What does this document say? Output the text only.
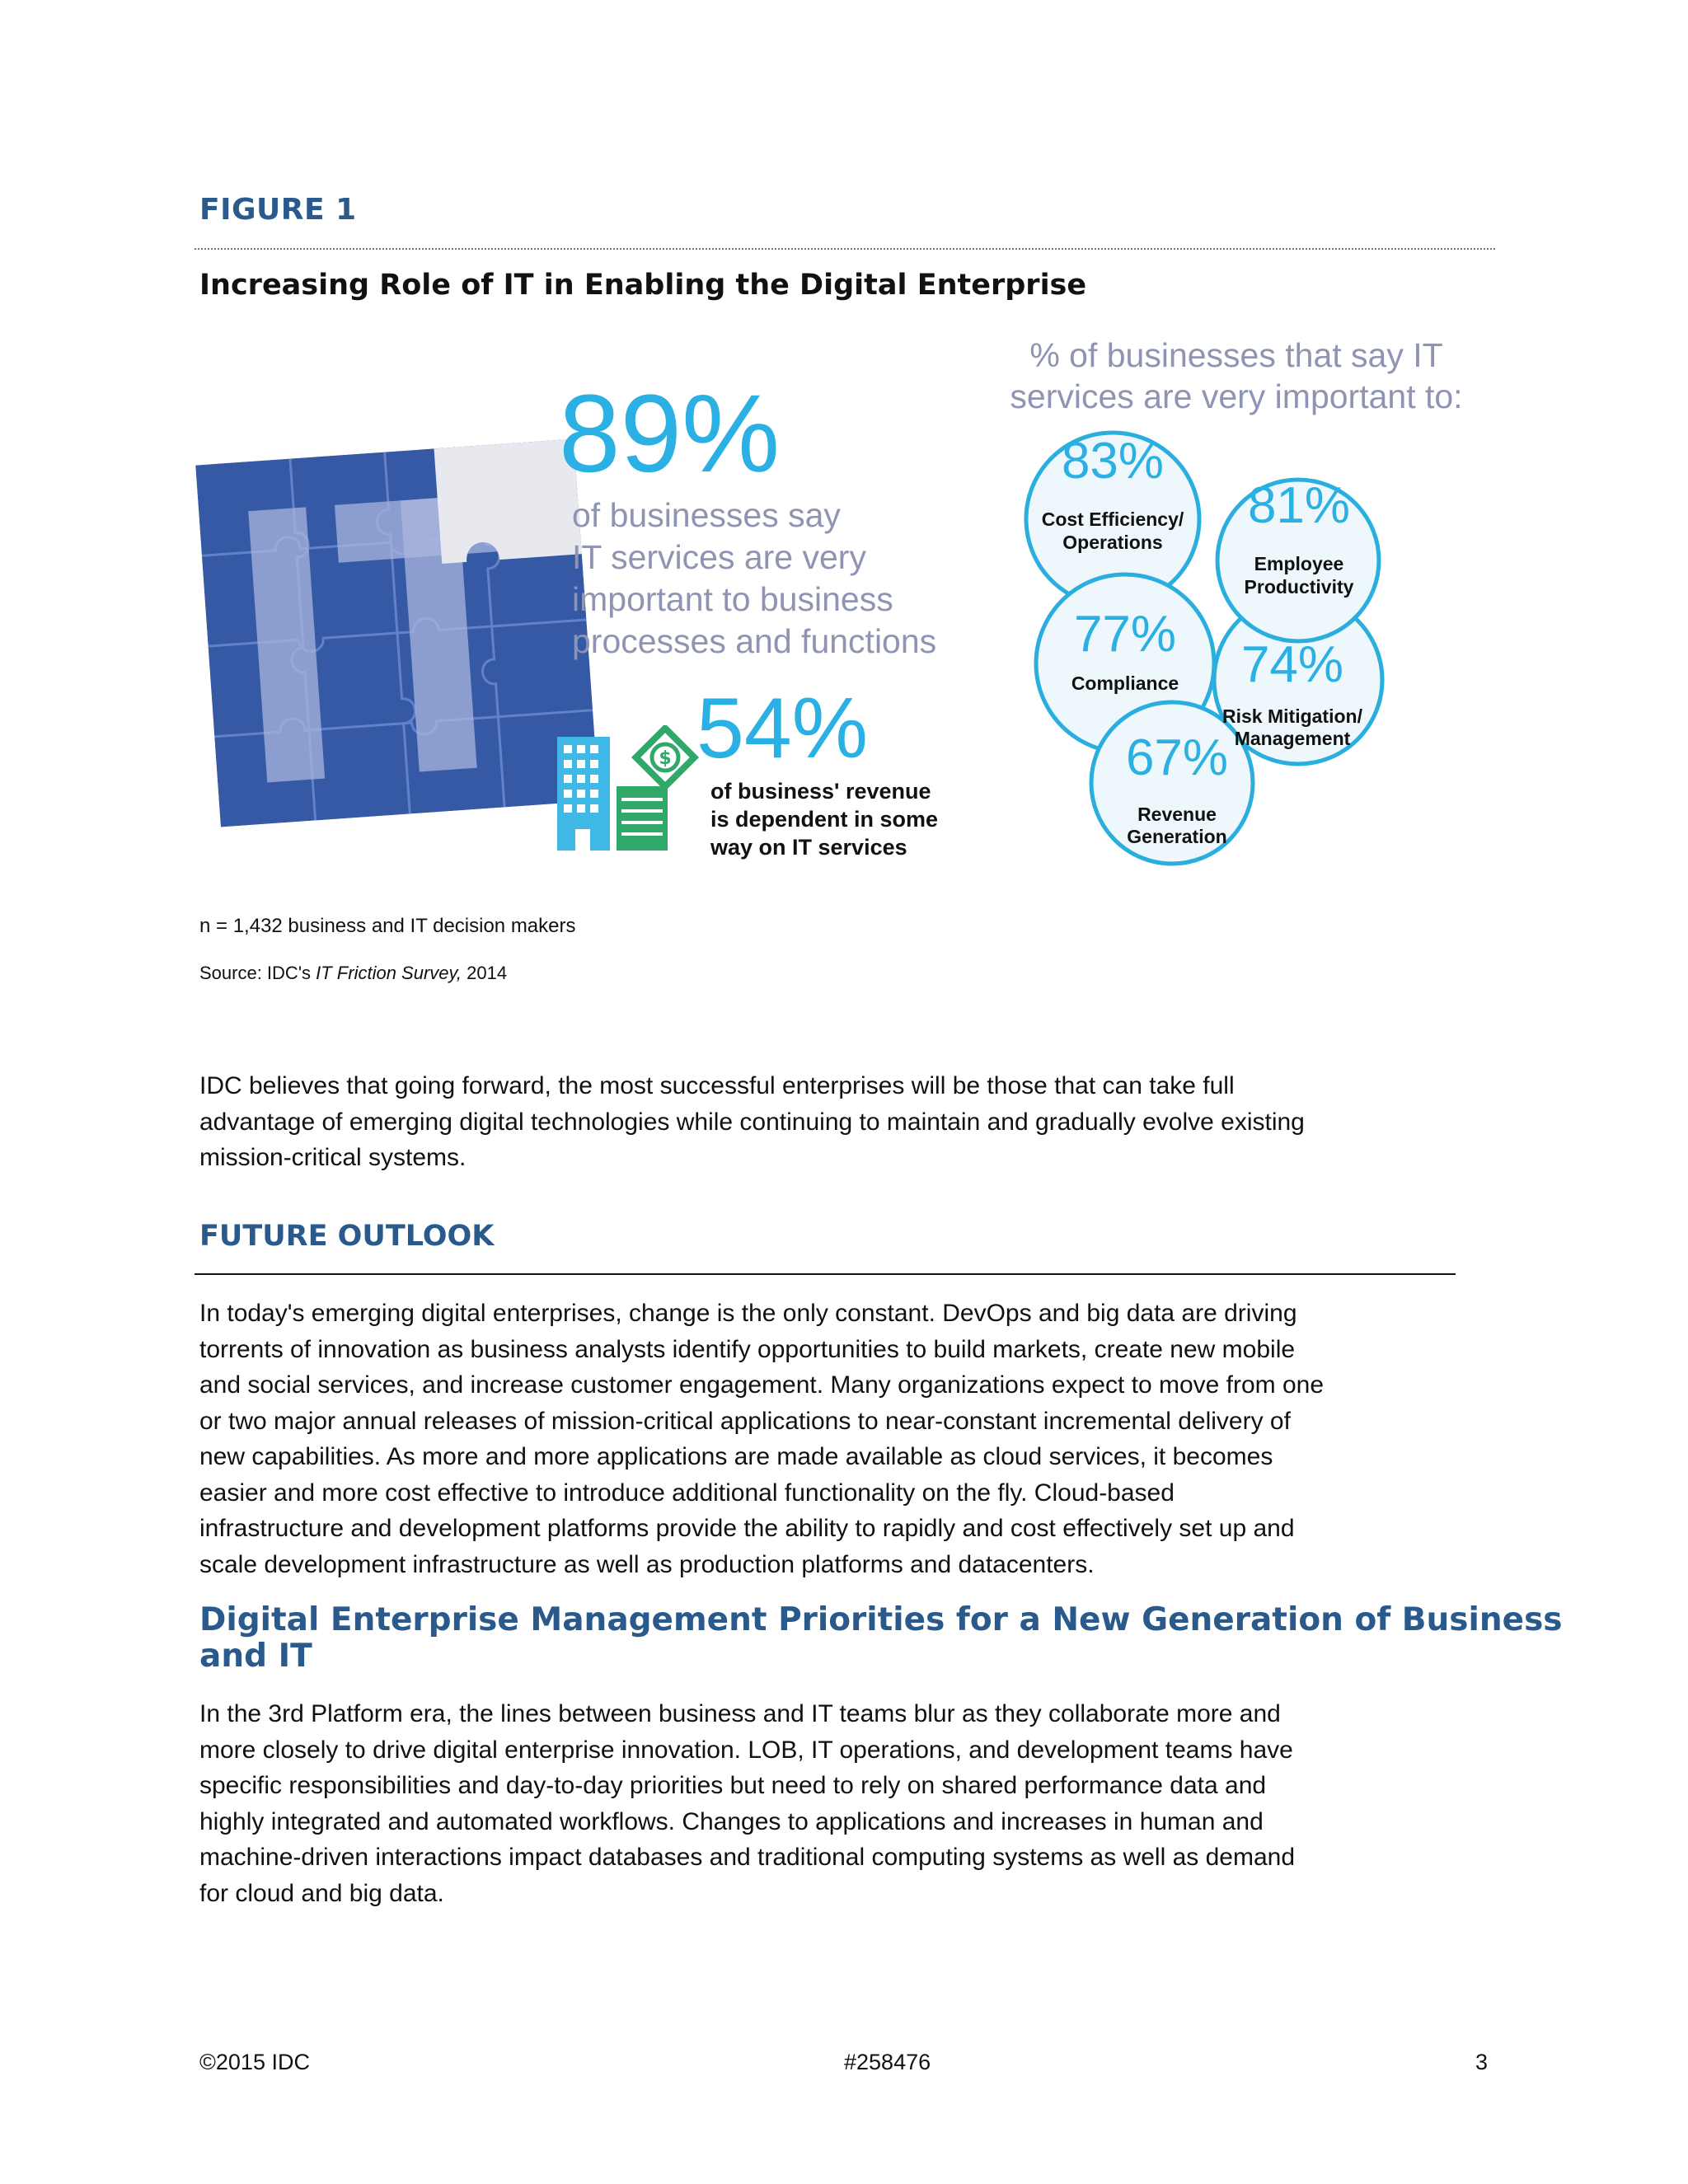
FIGURE 1
Increasing Role of IT in Enabling the Digital Enterprise
89%
of businesses say
IT services are very
important to business
processes and functions
$ 54%
of business' revenue
is dependent in some
way on IT services
% of businesses that say IT
services are very important to:
83%
Cost Efficiency/
Operations
81%
Employee
Productivity
77%
Compliance 74%
Risk Mitigation/
Management
67%
Revenue
Generation
n = 1,432 business and IT decision makers
Source: IDC's IT Friction Survey, 2014
IDC believes that going forward, the most successful enterprises will be those that can take full
advantage of emerging digital technologies while continuing to maintain and gradually evolve existing
mission-critical systems.
FUTURE OUTLOOK
In today's emerging digital enterprises, change is the only constant. DevOps and big data are driving
torrents of innovation as business analysts identify opportunities to build markets, create new mobile
and social services, and increase customer engagement. Many organizations expect to move from one
or two major annual releases of mission-critical applications to near-constant incremental delivery of
new capabilities. As more and more applications are made available as cloud services, it becomes
easier and more cost effective to introduce additional functionality on the fly. Cloud-based
infrastructure and development platforms provide the ability to rapidly and cost effectively set up and
scale development infrastructure as well as production platforms and datacenters.
Digital Enterprise Management Priorities for a New Generation of Business
and IT
In the 3rd Platform era, the lines between business and IT teams blur as they collaborate more and
more closely to drive digital enterprise innovation. LOB, IT operations, and development teams have
specific responsibilities and day-to-day priorities but need to rely on shared performance data and
highly integrated and automated workflows. Changes to applications and increases in human and
machine-driven interactions impact databases and traditional computing systems as well as demand
for cloud and big data.
©2015 IDC	#258476	3
